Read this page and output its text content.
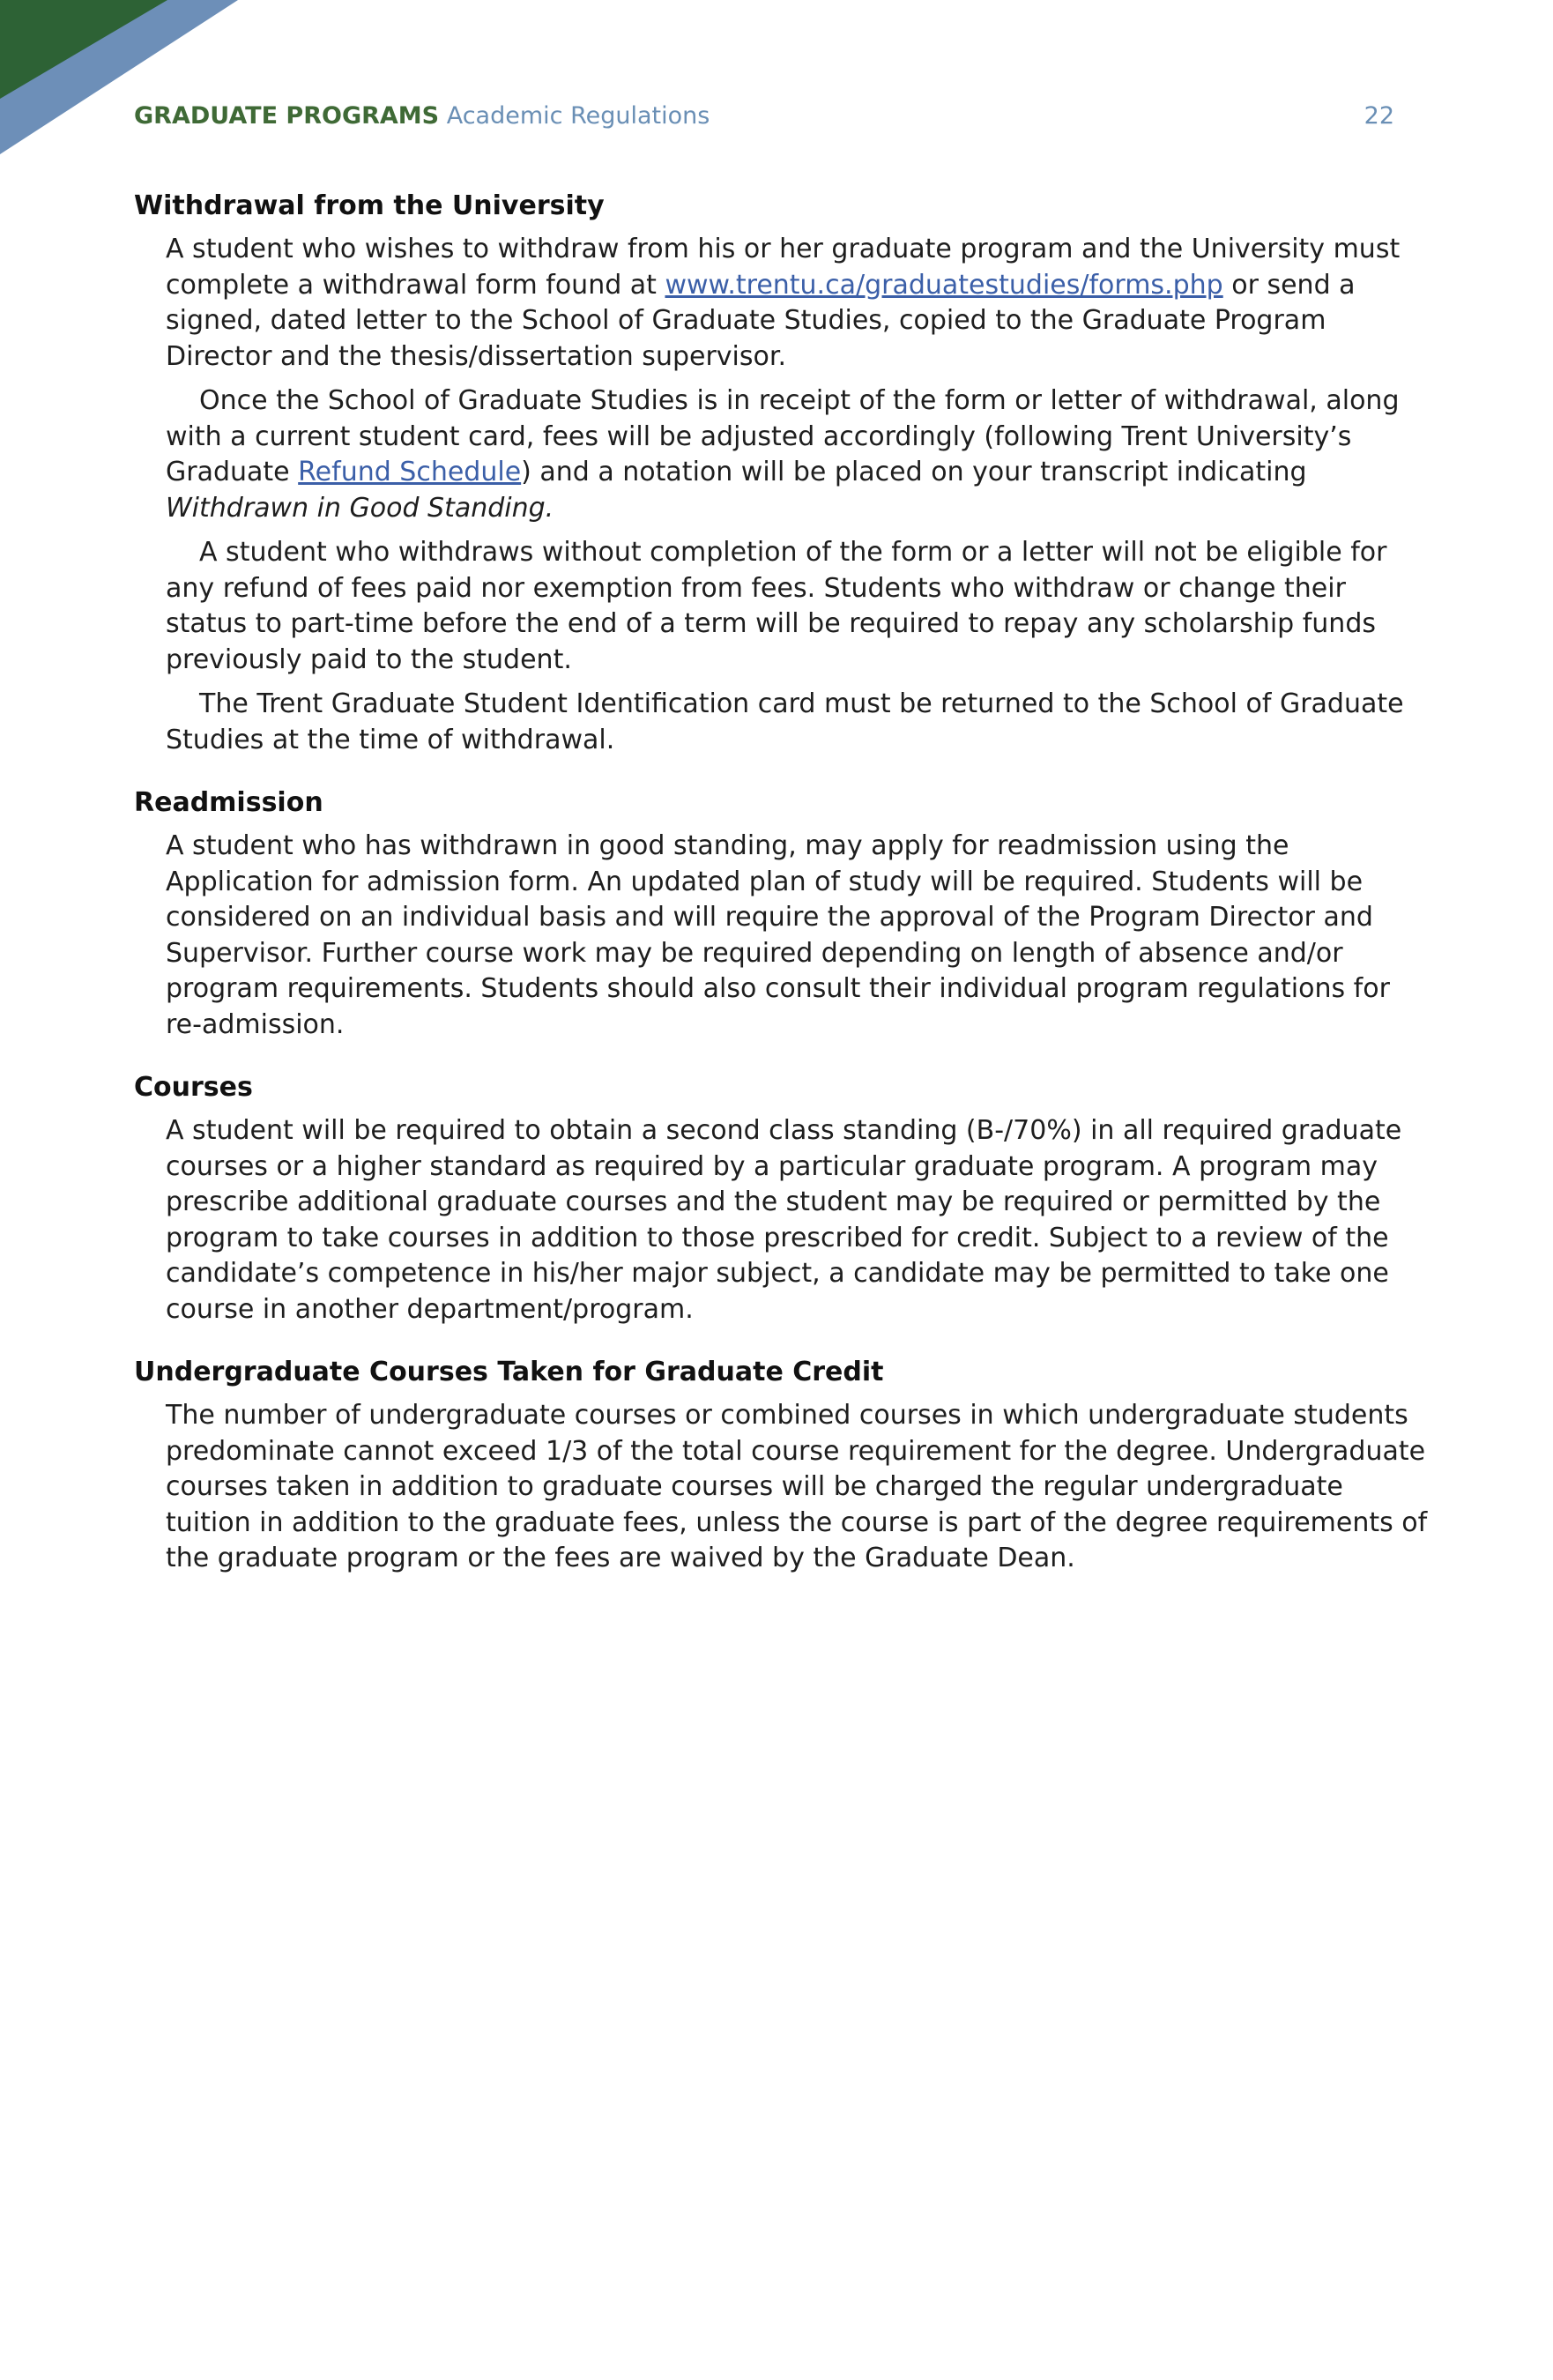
GRADUATE PROGRAMS Academic Regulations	22
Withdrawal from the University

A student who wishes to withdraw from his or her graduate program and the University must complete a withdrawal form found at www.trentu.ca/graduatestudies/forms.php or send a signed, dated letter to the School of Graduate Studies, copied to the Graduate Program Director and the thesis/dissertation supervisor.

Once the School of Graduate Studies is in receipt of the form or letter of withdrawal, along with a current student card, fees will be adjusted accordingly (following Trent University’s Graduate Refund Schedule) and a notation will be placed on your transcript indicating Withdrawn in Good Standing.

A student who withdraws without completion of the form or a letter will not be eligible for any refund of fees paid nor exemption from fees. Students who withdraw or change their status to part-time before the end of a term will be required to repay any scholarship funds previously paid to the student.

The Trent Graduate Student Identification card must be returned to the School of Graduate Studies at the time of withdrawal.

Readmission

A student who has withdrawn in good standing, may apply for readmission using the Application for admission form. An updated plan of study will be required. Students will be considered on an individual basis and will require the approval of the Program Director and Supervisor. Further course work may be required depending on length of absence and/or program requirements. Students should also consult their individual program regulations for re-admission.

Courses

A student will be required to obtain a second class standing (B-/70%) in all required graduate courses or a higher standard as required by a particular graduate program. A program may prescribe additional graduate courses and the student may be required or permitted by the program to take courses in addition to those prescribed for credit. Subject to a review of the candidate’s competence in his/her major subject, a candidate may be permitted to take one course in another department/program.

Undergraduate Courses Taken for Graduate Credit

The number of undergraduate courses or combined courses in which undergraduate students predominate cannot exceed 1/3 of the total course requirement for the degree. Undergraduate courses taken in addition to graduate courses will be charged the regular undergraduate tuition in addition to the graduate fees, unless the course is part of the degree requirements of the graduate program or the fees are waived by the Graduate Dean.
